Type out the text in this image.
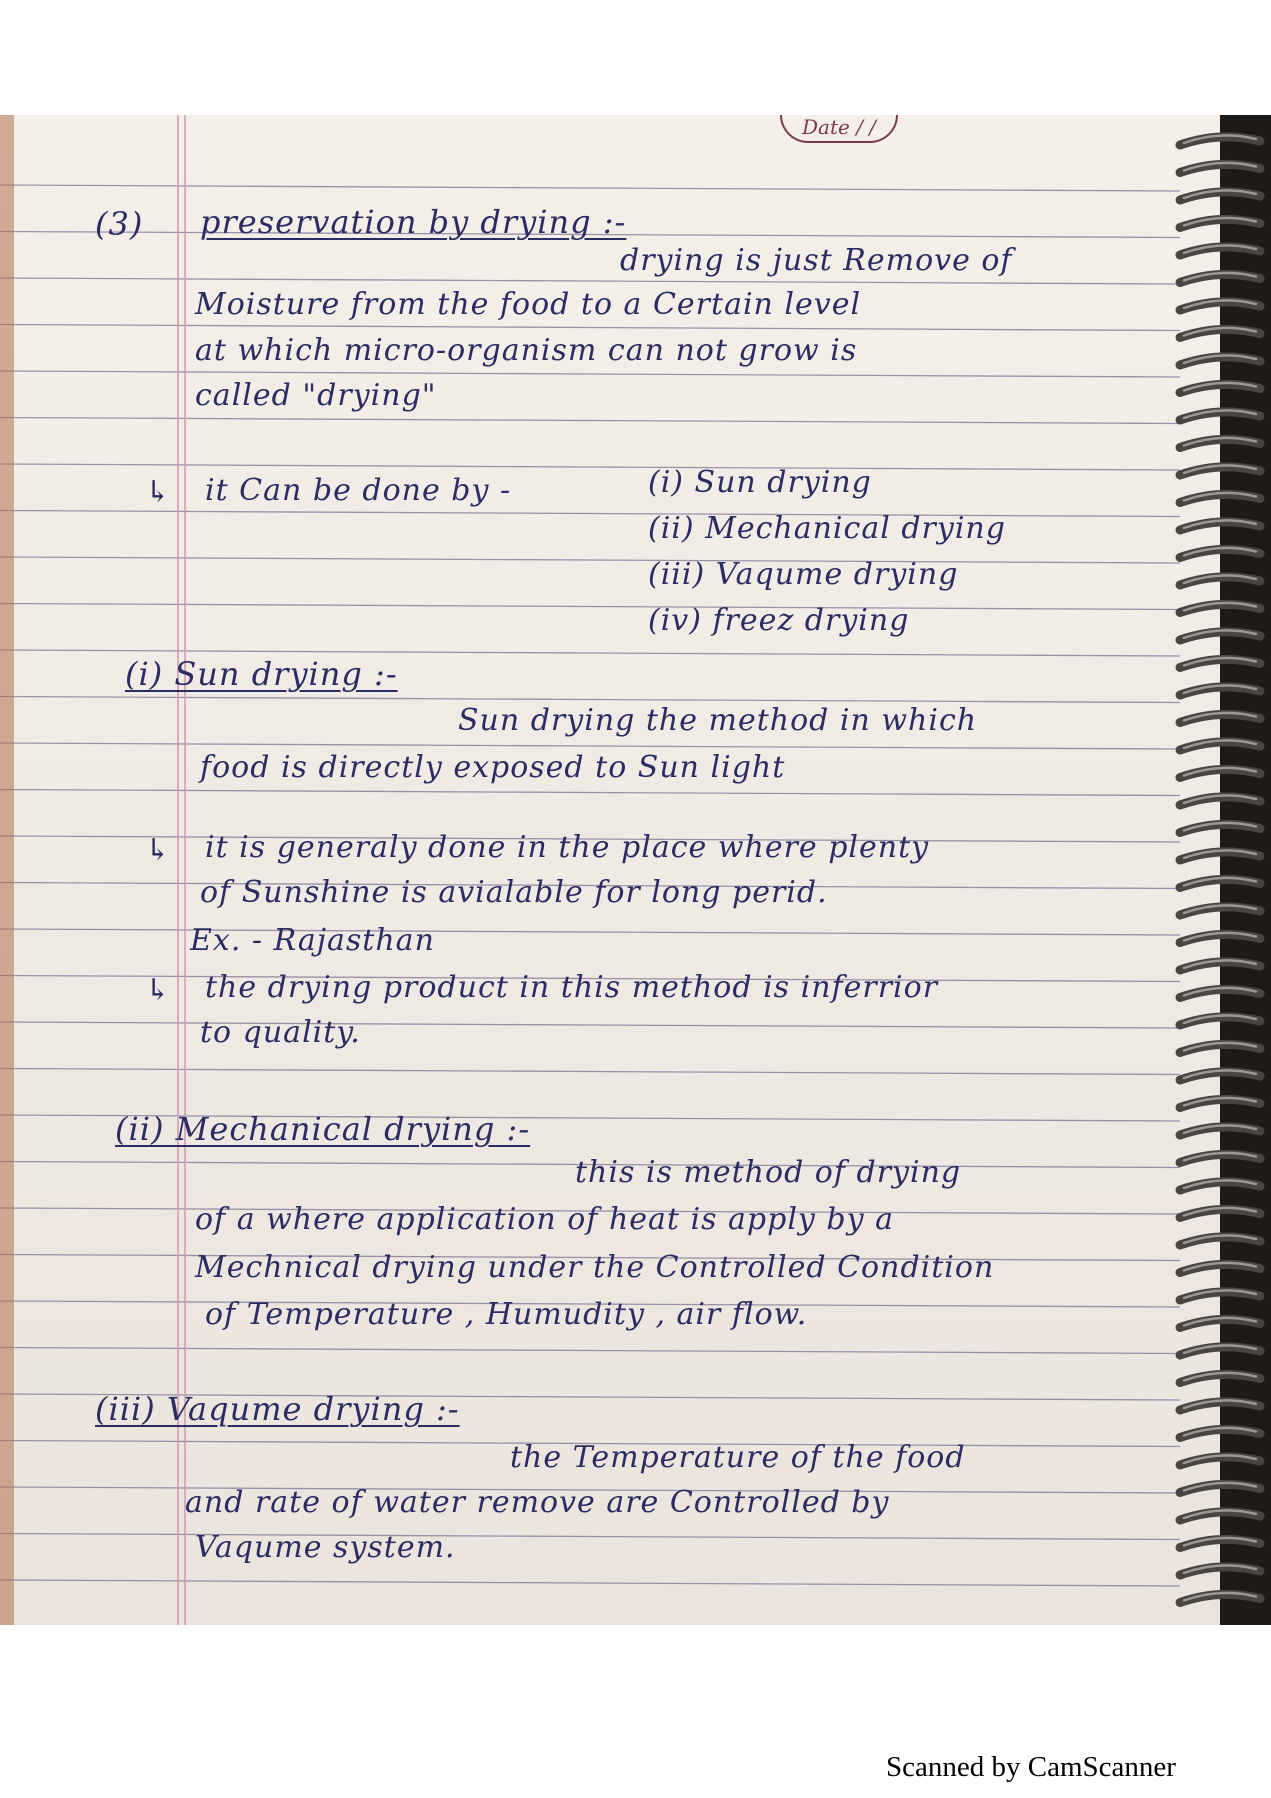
Date / /
(3) preservation by drying :-
drying is just Remove of
Moisture from the food to a Certain level
at which micro-organism can not grow is
called "drying"
↳ it Can be done by -	(i) Sun drying
(ii) Mechanical drying
(iii) Vaqume drying
(iv) freez drying
(i) Sun drying :-
Sun drying the method in which
food is directly exposed to Sun light
↳ it is generaly done in the place where plenty
of Sunshine is avialable for long perid.
Ex. - Rajasthan
↳ the drying product in this method is inferrior
to quality.
(ii) Mechanical drying :-
this is method of drying
of a where application of heat is apply by a
Mechnical drying under the Controlled Condition
of Temperature , Humudity , air flow.
(iii) Vaqume drying :-
the Temperature of the food
and rate of water remove are Controlled by
Vaqume system.
Scanned by CamScanner
